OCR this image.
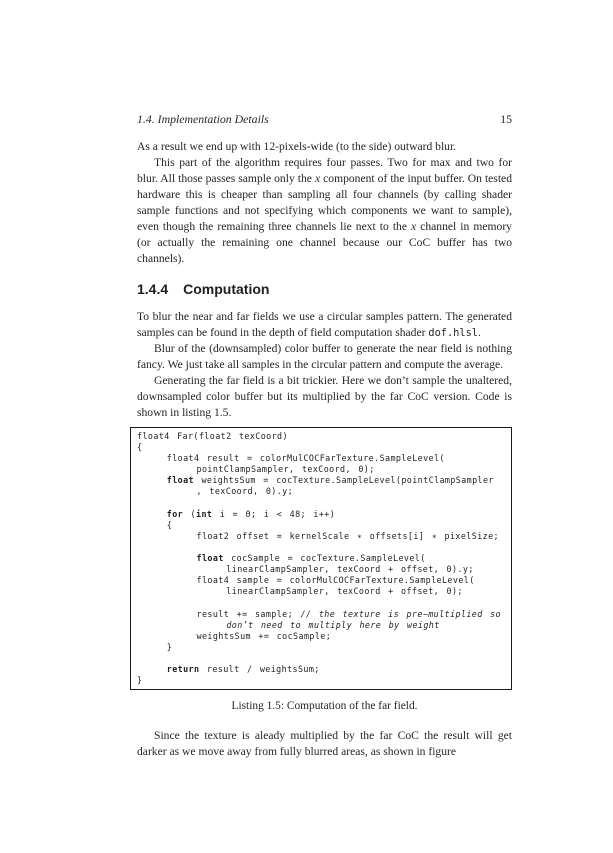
1.4. Implementation Details	15

As a result we end up with 12-pixels-wide (to the side) outward blur.

This part of the algorithm requires four passes. Two for max and two for blur. All those passes sample only the x component of the input buffer. On tested hardware this is cheaper than sampling all four channels (by calling shader sample functions and not specifying which components we want to sample), even though the remaining three channels lie next to the x channel in memory (or actually the remaining one channel because our CoC buffer has two channels).

1.4.4 Computation

To blur the near and far fields we use a circular samples pattern. The generated samples can be found in the depth of field computation shader dof.hlsl.

Blur of the (downsampled) color buffer to generate the near field is nothing fancy. We just take all samples in the circular pattern and compute the average.

Generating the far field is a bit trickier. Here we don’t sample the unaltered, downsampled color buffer but its multiplied by the far CoC version. Code is shown in listing 1.5.

float4 Far(float2 texCoord)
{
float4 result = colorMulCOCFarTexture.SampleLevel(
pointClampSampler, texCoord, 0);
float weightsSum = cocTexture.SampleLevel(pointClampSampler
, texCoord, 0).y;

for (int i = 0; i < 48; i++)
{
float2 offset = kernelScale ∗ offsets[i] ∗ pixelSize;

float cocSample = cocTexture.SampleLevel(
linearClampSampler, texCoord + offset, 0).y;
float4 sample = colorMulCOCFarTexture.SampleLevel(
linearClampSampler, texCoord + offset, 0);

result += sample; // the texture is pre−multiplied so
don’t need to multiply here by weight
weightsSum += cocSample;
}

return result / weightsSum;
}
Listing 1.5: Computation of the far field.

Since the texture is aleady multiplied by the far CoC the result will get darker as we move away from fully blurred areas, as shown in figure
